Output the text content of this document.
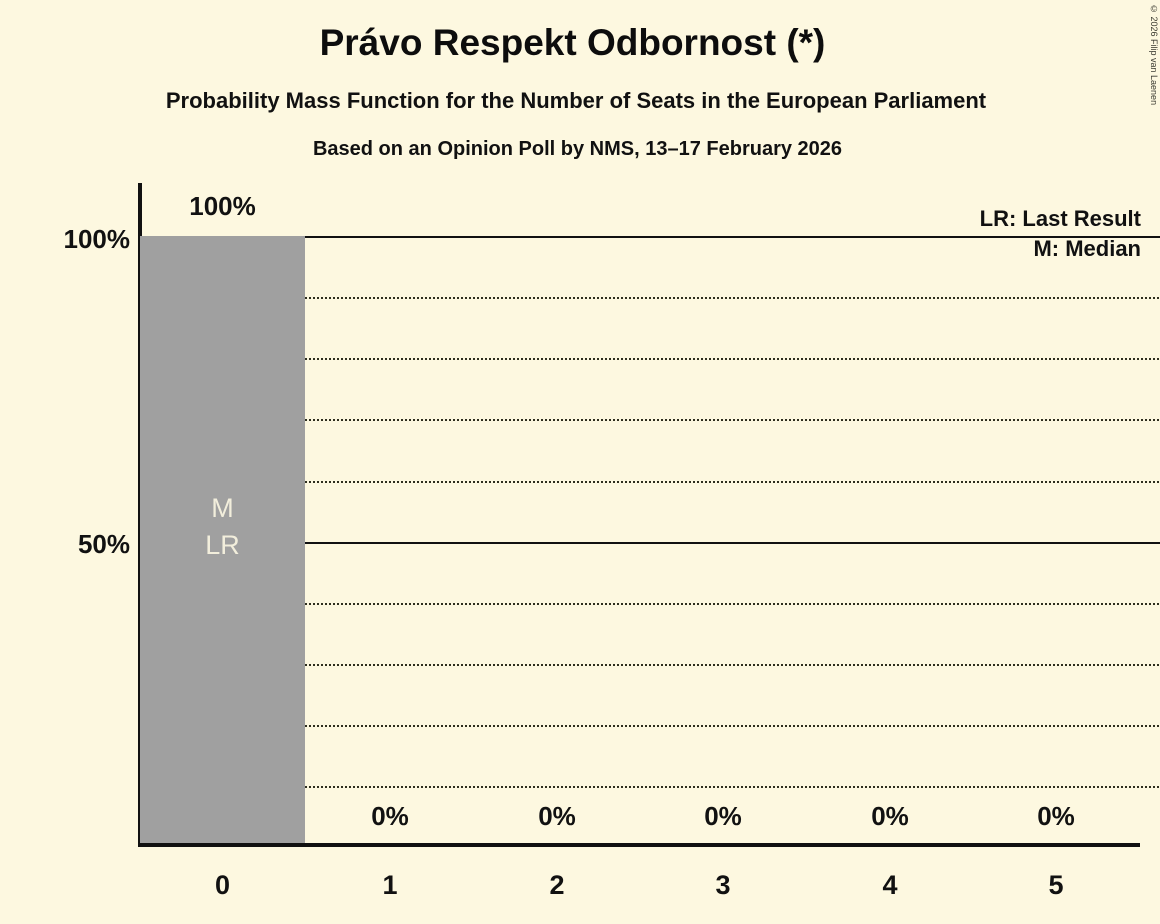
© 2026 Filip van Laenen
Právo Respekt Odbornost (*)
Probability Mass Function for the Number of Seats in the European Parliament
Based on an Opinion Poll by NMS, 13–17 February 2026
LR: Last Result
M: Median
100%
50%
100%
M
LR
0%	0%	0%	0%	0%
0	1	2	3	4	5
